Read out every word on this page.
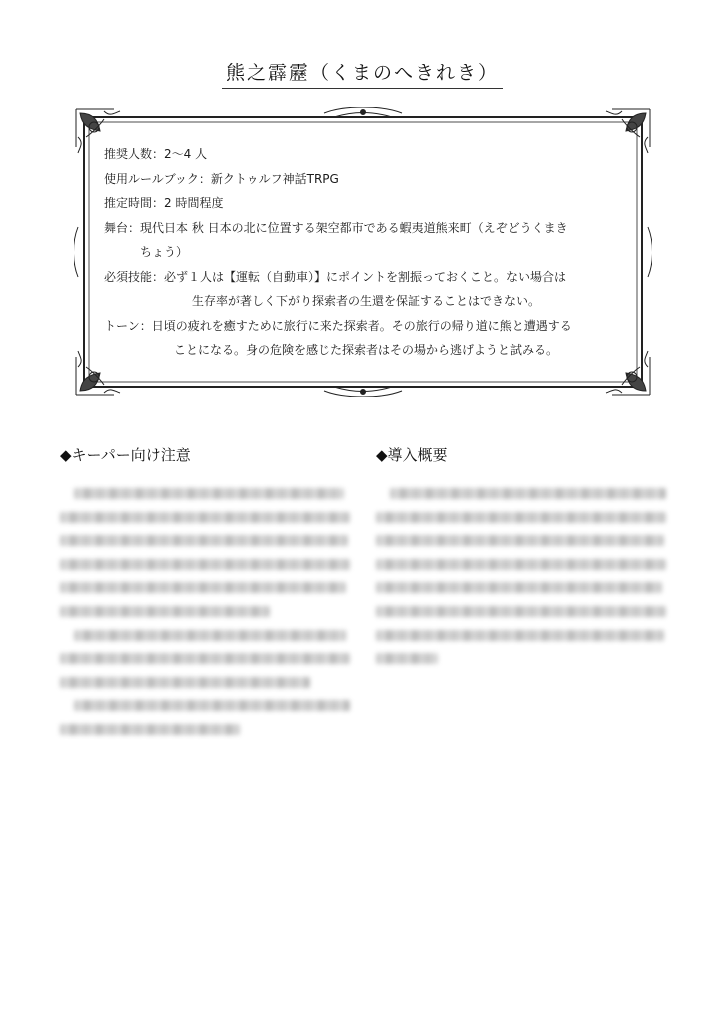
熊之霹靂（くまのへきれき）
推奨人数：2〜4 人
使用ルールブック：新クトゥルフ神話TRPG
推定時間：2 時間程度
舞台：現代日本 秋 日本の北に位置する架空都市である蝦夷道熊来町（えぞどうくまき
ちょう）
必須技能：必ず１人は【運転（自動車）】にポイントを割振っておくこと。ない場合は
生存率が著しく下がり探索者の生還を保証することはできない。
トーン：日頃の疲れを癒すために旅行に来た探索者。その旅行の帰り道に熊と遭遇する
ことになる。身の危険を感じた探索者はその場から逃げようと試みる。
◆キーパー向け注意	◆導入概要
